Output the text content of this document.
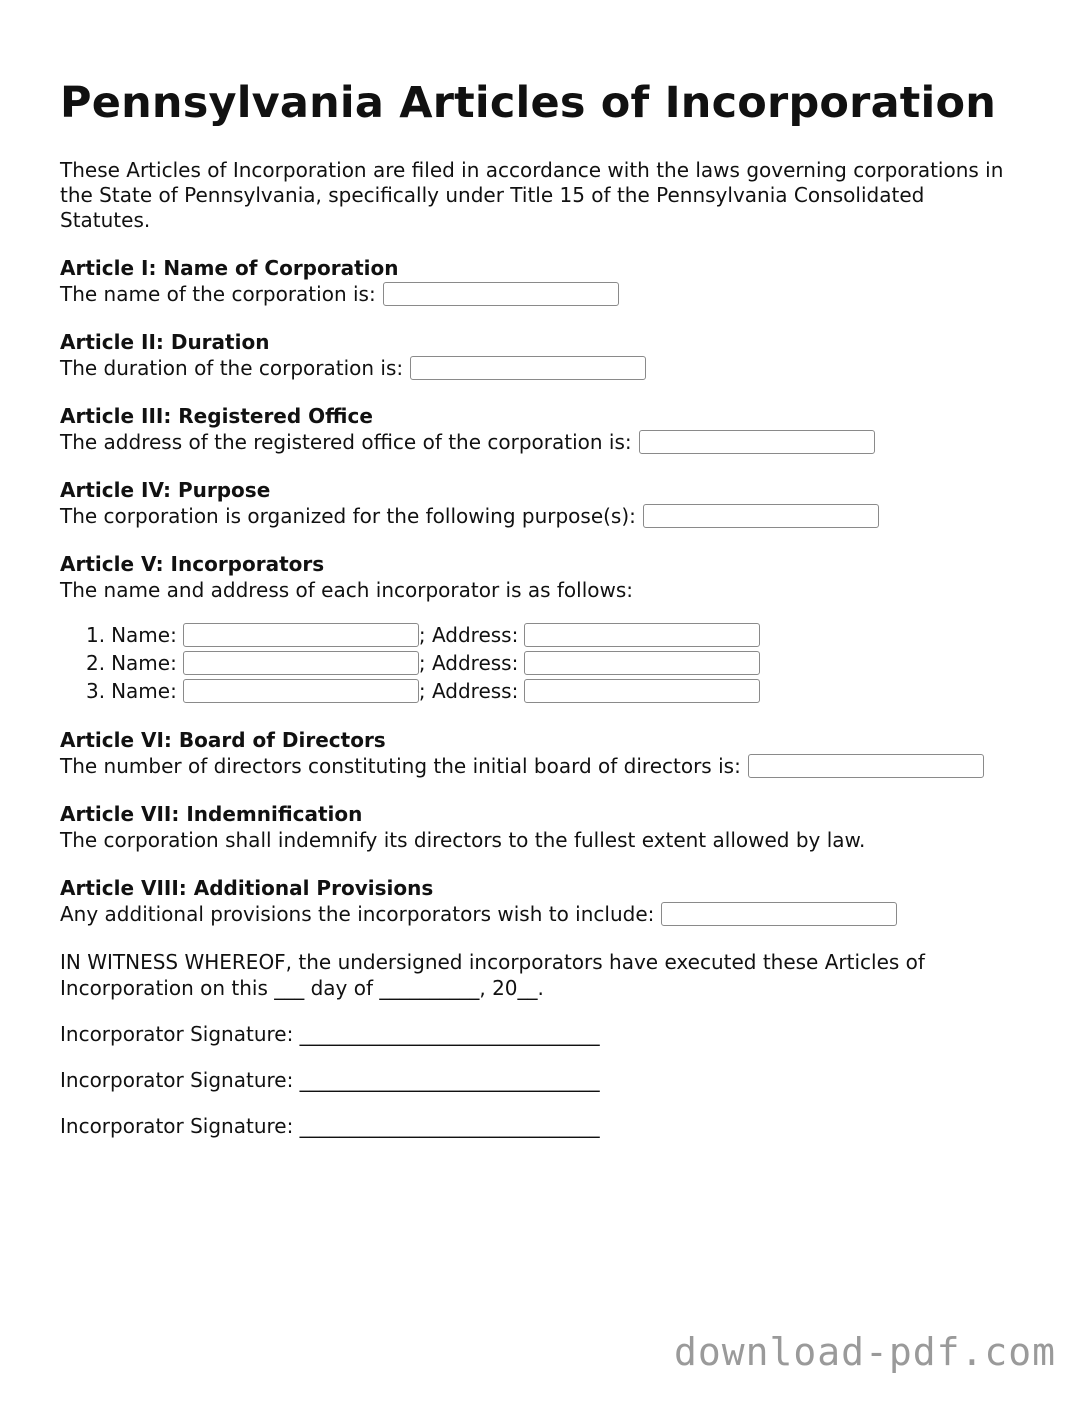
Pennsylvania Articles of Incorporation

These Articles of Incorporation are filed in accordance with the laws governing corporations in the State of Pennsylvania, specifically under Title 15 of the Pennsylvania Consolidated Statutes.

Article I: Name of Corporation
The name of the corporation is:
Article II: Duration
The duration of the corporation is:
Article III: Registered Office
The address of the registered office of the corporation is:
Article IV: Purpose
The corporation is organized for the following purpose(s):
Article V: Incorporators
The name and address of each incorporator is as follows:
1. Name:	; Address:
2. Name:	; Address:
3. Name:	; Address:
Article VI: Board of Directors
The number of directors constituting the initial board of directors is:
Article VII: Indemnification
The corporation shall indemnify its directors to the fullest extent allowed by law.
Article VIII: Additional Provisions
Any additional provisions the incorporators wish to include:

IN WITNESS WHEREOF, the undersigned incorporators have executed these Articles of Incorporation on this ___ day of __________, 20__.

Incorporator Signature: ______________________________
Incorporator Signature: ______________________________
Incorporator Signature: ______________________________
download-pdf.com
